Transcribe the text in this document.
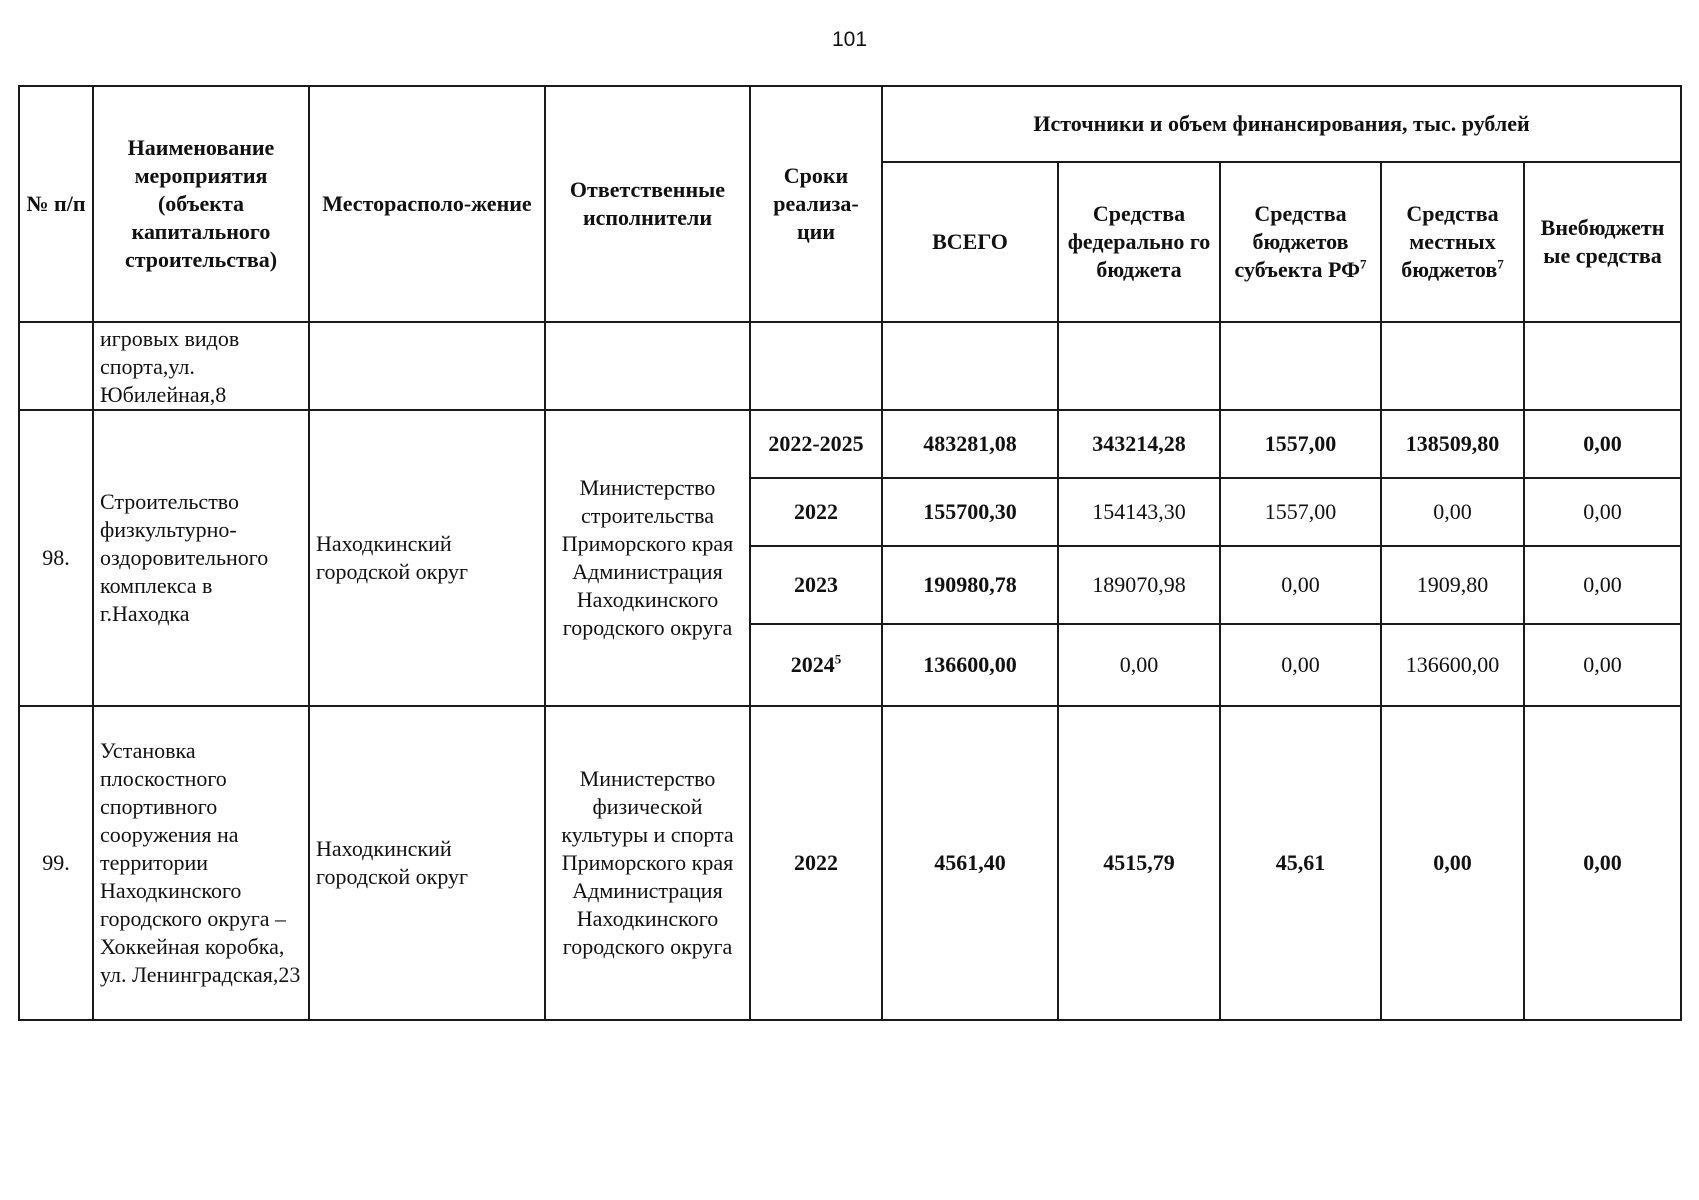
101
№ п/п	Наименование мероприятия (объекта капитального строительства)	Месторасполо-жение	Ответственные исполнители	Сроки реализа-ции	Источники и объем финансирования, тыс. рублей				
					ВСЕГО	Средства федерально го бюджета	Средства бюджетов субъекта $РФ^7$	Средства местных бюджетов$^7$	Внебюджетн ые средства
	игровых видов спорта,ул. Юбилейная,8								
98.	Строительство физкультурно-оздоровительного комплекса в г.Находка	Находкинский городской округ	Министерство строительства Приморского края Администрация Находкинского городского округа	2022-2025	483281,08	343214,28	1557,00	138509,80	0,00
				2022	155700,30	154143,30	1557,00	0,00	0,00
				2023	190980,78	189070,98	0,00	1909,80	0,00
				2024$^5$	136600,00	0,00	0,00	136600,00	0,00
99.	Установка плоскостного спортивного сооружения на территории Находкинского городского округа – Хоккейная коробка, ул. Ленинградская,23	Находкинский городской округ	Министерство физической культуры и спорта Приморского края Администрация Находкинского городского округа	2022	4561,40	4515,79	45,61	0,00	0,00
